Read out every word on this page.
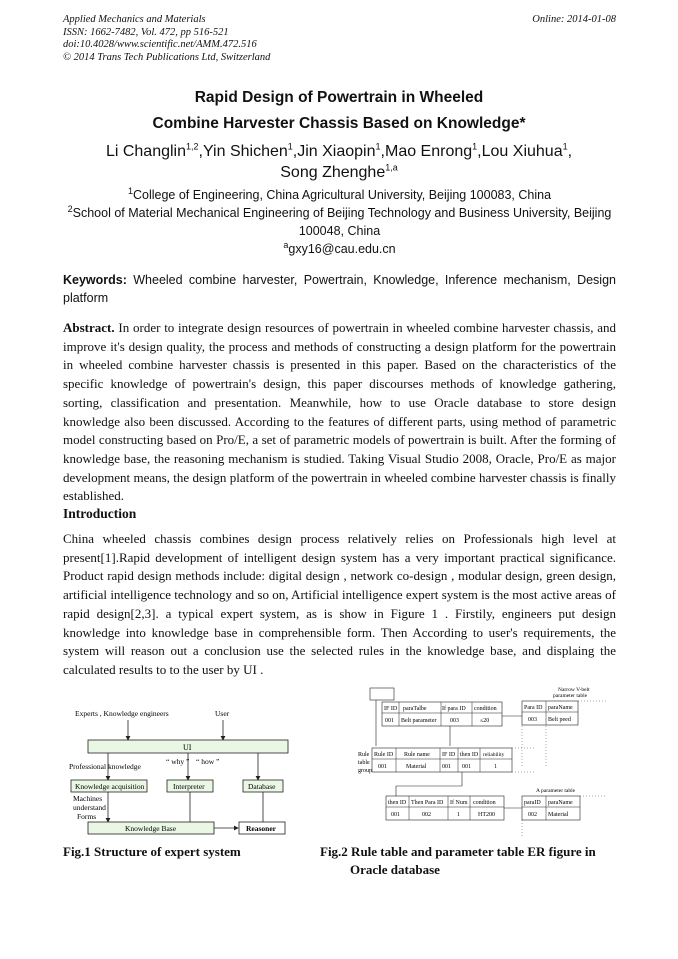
Applied Mechanics and Materials
ISSN: 1662-7482, Vol. 472, pp 516-521
doi:10.4028/www.scientific.net/AMM.472.516
© 2014 Trans Tech Publications Ltd, Switzerland
Online: 2014-01-08
Rapid Design of Powertrain in Wheeled
Combine Harvester Chassis Based on Knowledge*
Li Changlin$^{1,2}$,Yin Shichen$^1$,Jin Xiaopin$^1$,Mao Enrong$^1$,Lou Xiuhua$^1$,
Song Zhenghe$^{1,a}$
$^1$College of Engineering, China Agricultural University, Beijing 100083, China
$^2$School of Material Mechanical Engineering of Beijing Technology and Business University, Beijing
100048, China
$^a$gxy16@cau.edu.cn
Keywords: Wheeled combine harvester, Powertrain, Knowledge, Inference mechanism, Design platform
Abstract. In order to integrate design resources of powertrain in wheeled combine harvester chassis, and improve it's design quality, the process and methods of constructing a design platform for the powertrain in wheeled combine harvester chassis is presented in this paper. Based on the characteristics of the specific knowledge of powertrain's design, this paper discourses methods of knowledge gathering, sorting, classification and presentation. Meanwhile, how to use Oracle database to store design knowledge also been discussed. According to the features of different parts, using method of parametric model constructing based on Pro/E, a set of parametric models of powertrain is built. After the forming of knowledge base, the reasoning mechanism is studied. Taking Visual Studio 2008, Oracle, Pro/E as major development means, the design platform of the powertrain in wheeled combine harvester chassis is finally established.
Introduction
China wheeled chassis combines design process relatively relies on Professionals high level at present[1].Rapid development of intelligent design system has a very important practical significance. Product rapid design methods include: digital design , network co-design , modular design, green design, artificial intelligence technology and so on, Artificial intelligence expert system is the most active areas of rapid design[2,3]. a typical expert system, as is show in Figure 1 . Firstily, engineers put design knowledge into knowledge base in comprehensible form. Then According to user's requirements, the system will reason out a conclusion use the selected rules in the knowledge base, and displaing the calculated results to to the user by UI .
Experts , Knowledge engineers	User
UI
Professional knowledge
“ why ” “ how ”
Knowledge acquisition	Interpreter	Database
Machines
understand
Forms
Knowledge Base	Reasoner
Fig.1 Structure of expert system
IF ID paraTalbe	If para ID condition
001 Belt parameter 003	≤20
Narrow V-belt
parameter table
Para ID paraName
003 Belt peed
Rule
table
group
Rule ID Rule name IF ID then ID reliability
001	Material	001 001	1
then ID Then Para ID If Num condition
001	002	1	HT200
A parameter table
paraID paraName
002 Material
Fig.2 Rule table and parameter table ER figure in
Oracle database
